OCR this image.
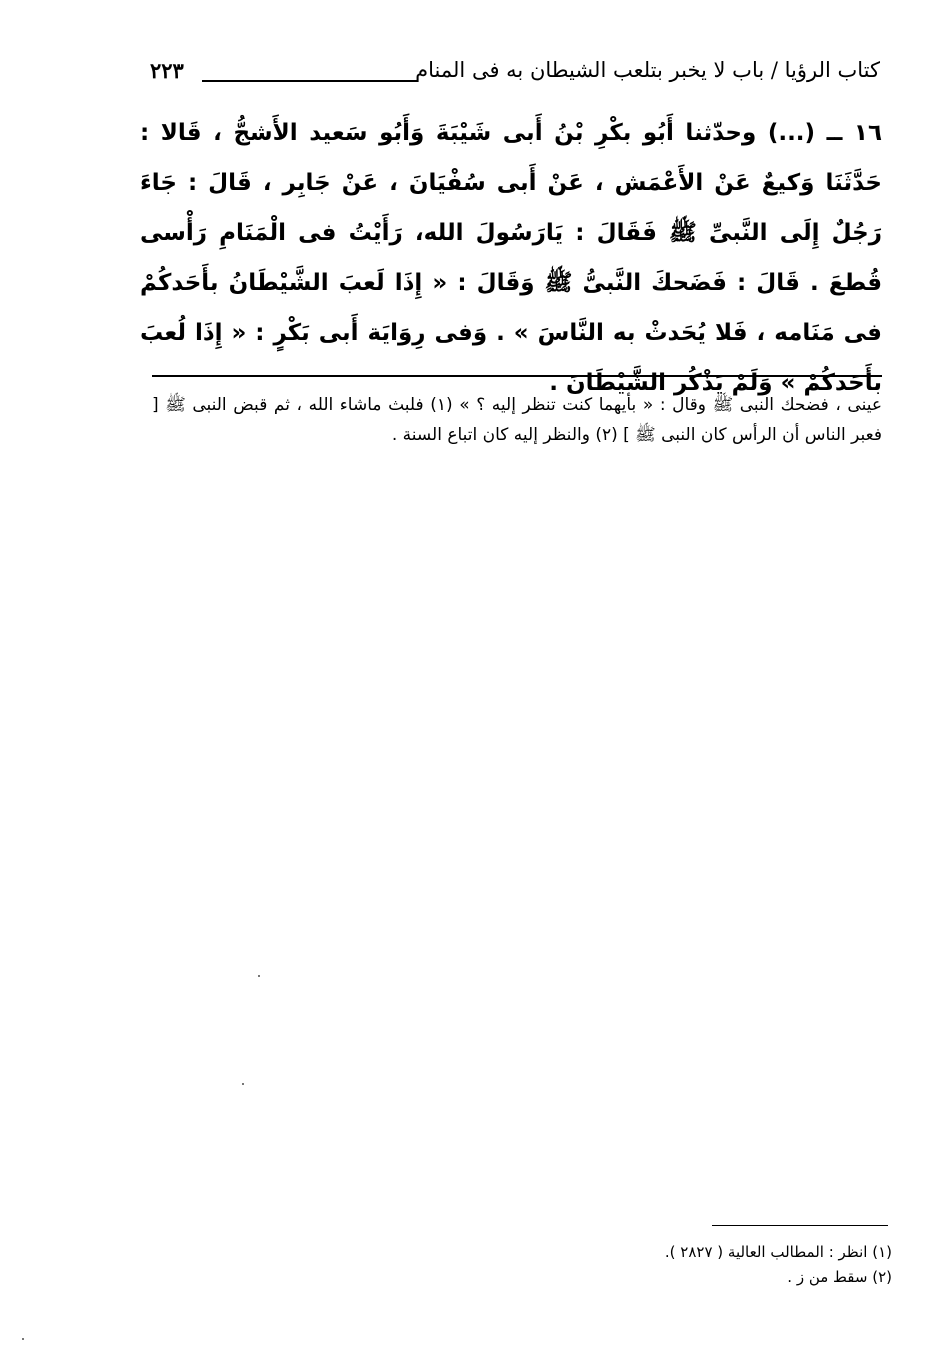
كتاب الرؤيا / باب لا يخبر بتلعب الشيطان به فى المنام
٢٢٣
١٦ ــ (...) وحدّثنا أَبُو بكْرِ بْنُ أَبى شَيْبَةَ وَأَبُو سَعيد الأَشجُّ ، قَالا : حَدَّثَنَا وَكيعٌ عَنْ الأَعْمَش ، عَنْ أَبى سُفْيَانَ ، عَنْ جَابِر ، قَالَ : جَاءَ رَجُلٌ إِلَى النَّبىِّ ﷺ فَقَالَ : يَارَسُولَ الله، رَأَيْتُ فى الْمَنَامِ رَأْسى قُطعَ . قَالَ : فَضَحكَ النَّبىُّ ﷺ وَقَالَ : « إِذَا لَعبَ الشَّيْطَانُ بأَحَدكُمْ فى مَنَامه ، فَلا يُحَدثْ به النَّاسَ » . وَفى رِوَايَة أَبى بَكْرٍ : « إِذَا لُعبَ بأَحَدكُمْ » وَلَمْ يَذْكُر الشَّيْطَانَ .
عينى ، فضحك النبى ﷺ وقال : « بأيهما كنت تنظر إليه ؟ » (١) فلبث ماشاء الله ، ثم قبض النبى ﷺ [ فعبر الناس أن الرأس كان النبى ﷺ ] (٢) والنظر إليه كان اتباع السنة .
(١) انظر : المطالب العالية ( ٢٨٢٧ ).
(٢) سقط من ز .
